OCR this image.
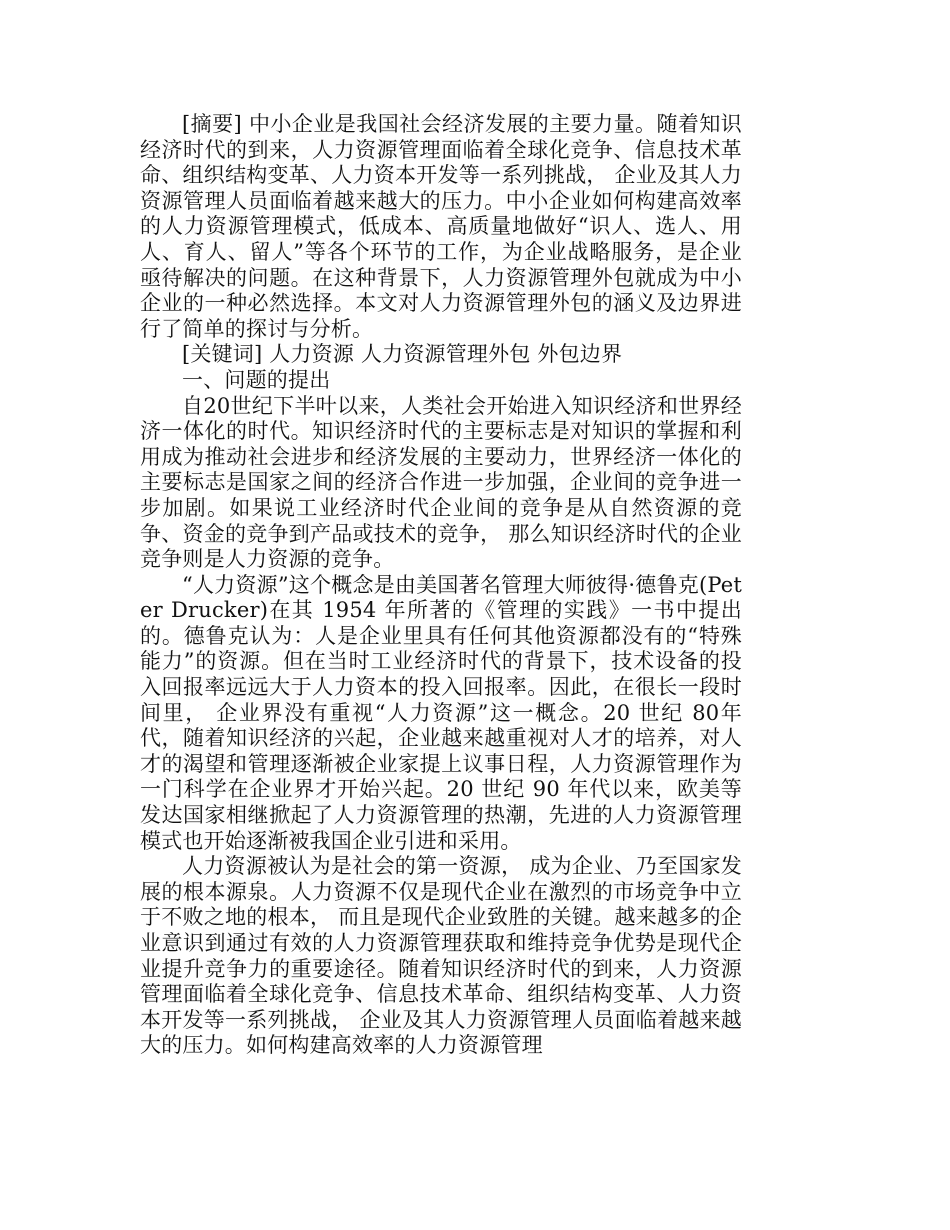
[摘要] 中小企业是我国社会经济发展的主要力量。随着知识经济时代的到来，人力资源管理面临着全球化竞争、信息技术革命、组织结构变革、人力资本开发等一系列挑战， 企业及其人力资源管理人员面临着越来越大的压力。中小企业如何构建高效率的人力资源管理模式，低成本、高质量地做好“识人、选人、用人、育人、留人”等各个环节的工作，为企业战略服务，是企业亟待解决的问题。在这种背景下，人力资源管理外包就成为中小企业的一种必然选择。本文对人力资源管理外包的涵义及边界进行了简单的探讨与分析。

[关键词] 人力资源 人力资源管理外包 外包边界

一、问题的提出

自20世纪下半叶以来，人类社会开始进入知识经济和世界经济一体化的时代。知识经济时代的主要标志是对知识的掌握和利用成为推动社会进步和经济发展的主要动力，世界经济一体化的主要标志是国家之间的经济合作进一步加强，企业间的竞争进一步加剧。如果说工业经济时代企业间的竞争是从自然资源的竞争、资金的竞争到产品或技术的竞争， 那么知识经济时代的企业竞争则是人力资源的竞争。

“人力资源”这个概念是由美国著名管理大师彼得·德鲁克(Peter Drucker)在其 1954 年所著的《管理的实践》一书中提出的。德鲁克认为：人是企业里具有任何其他资源都没有的“特殊能力”的资源。但在当时工业经济时代的背景下，技术设备的投入回报率远远大于人力资本的投入回报率。因此，在很长一段时间里， 企业界没有重视“人力资源”这一概念。20 世纪 80年代，随着知识经济的兴起，企业越来越重视对人才的培养，对人才的渴望和管理逐渐被企业家提上议事日程，人力资源管理作为一门科学在企业界才开始兴起。20 世纪 90 年代以来，欧美等发达国家相继掀起了人力资源管理的热潮，先进的人力资源管理模式也开始逐渐被我国企业引进和采用。

人力资源被认为是社会的第一资源， 成为企业、乃至国家发展的根本源泉。人力资源不仅是现代企业在激烈的市场竞争中立于不败之地的根本， 而且是现代企业致胜的关键。越来越多的企业意识到通过有效的人力资源管理获取和维持竞争优势是现代企业提升竞争力的重要途径。随着知识经济时代的到来，人力资源管理面临着全球化竞争、信息技术革命、组织结构变革、人力资本开发等一系列挑战， 企业及其人力资源管理人员面临着越来越大的压力。如何构建高效率的人力资源管理
